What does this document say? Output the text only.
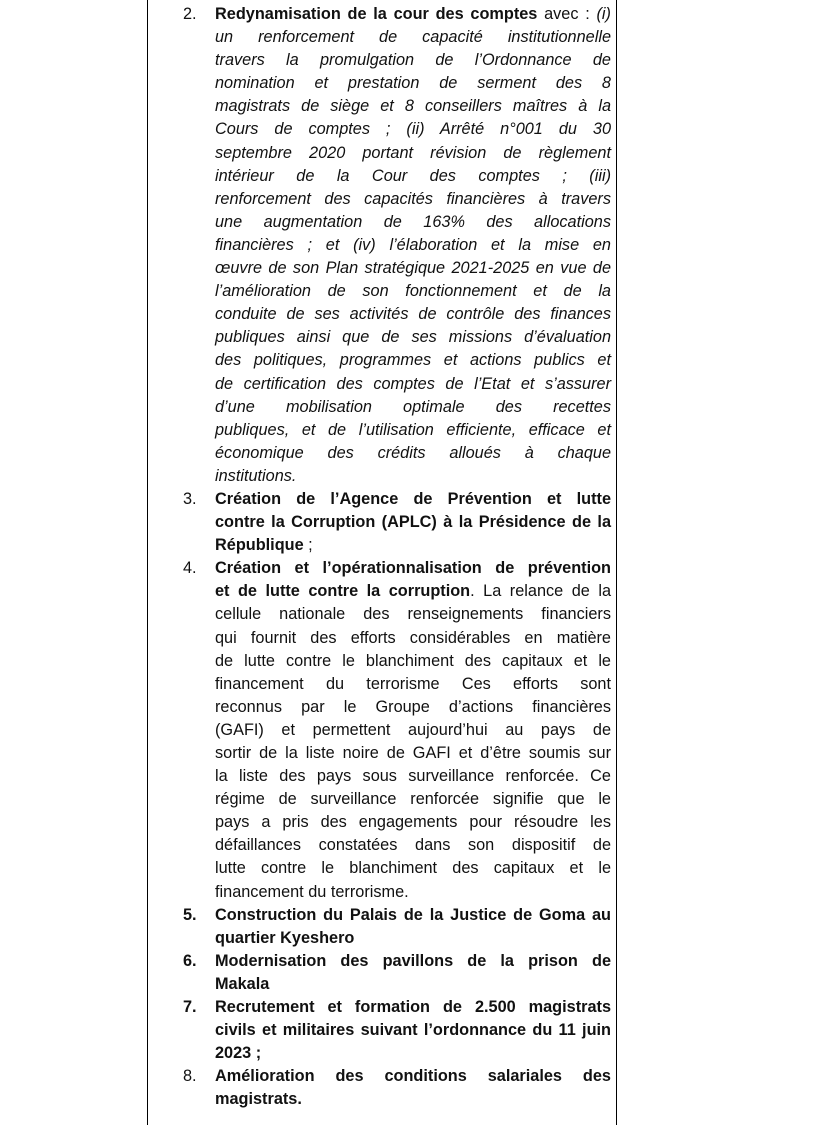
2.	Redynamisation de la cour des comptes avec : (i)
un renforcement de capacité institutionnelle
travers la promulgation de l’Ordonnance de
nomination et prestation de serment des 8
magistrats de siège et 8 conseillers maîtres à la
Cours de comptes ; (ii) Arrêté n°001 du 30
septembre 2020 portant révision de règlement
intérieur de la Cour des comptes ; (iii)
renforcement des capacités financières à travers
une augmentation de 163% des allocations
financières ; et (iv) l’élaboration et la mise en
œuvre de son Plan stratégique 2021-2025 en vue de
l’amélioration de son fonctionnement et de la
conduite de ses activités de contrôle des finances
publiques ainsi que de ses missions d’évaluation
des politiques, programmes et actions publics et
de certification des comptes de l’Etat et s’assurer
d’une mobilisation optimale des recettes
publiques, et de l’utilisation efficiente, efficace et
économique des crédits alloués à chaque
institutions.
3.	Création de l’Agence de Prévention et lutte
contre la Corruption (APLC) à la Présidence de la
République ;
4.	Création et l’opérationnalisation de prévention
et de lutte contre la corruption. La relance de la
cellule nationale des renseignements financiers
qui fournit des efforts considérables en matière
de lutte contre le blanchiment des capitaux et le
financement du terrorisme Ces efforts sont
reconnus par le Groupe d’actions financières
(GAFI) et permettent aujourd’hui au pays de
sortir de la liste noire de GAFI et d’être soumis sur
la liste des pays sous surveillance renforcée. Ce
régime de surveillance renforcée signifie que le
pays a pris des engagements pour résoudre les
défaillances constatées dans son dispositif de
lutte contre le blanchiment des capitaux et le
financement du terrorisme.
5.	Construction du Palais de la Justice de Goma au
quartier Kyeshero
6.	Modernisation des pavillons de la prison de
Makala
7.	Recrutement et formation de 2.500 magistrats
civils et militaires suivant l’ordonnance du 11 juin
2023 ;
8.	Amélioration des conditions salariales des
magistrats.
